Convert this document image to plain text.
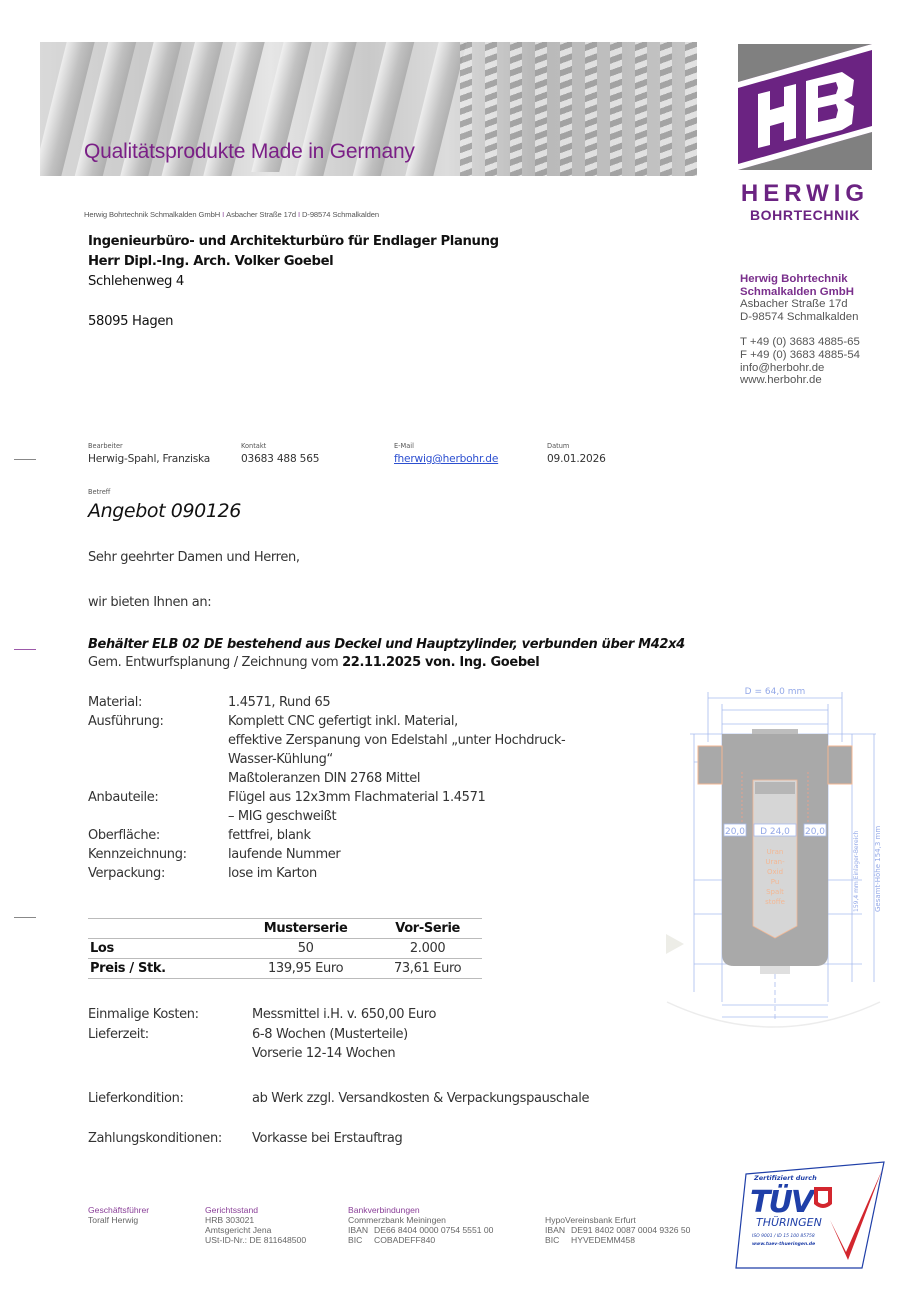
Qualitätsprodukte Made in Germany
HERWIG
BOHRTECHNIK
Herwig Bohrtechnik Schmalkalden GmbH I Asbacher Straße 17d I D-98574 Schmalkalden
Ingenieurbüro- und Architekturbüro für Endlager Planung
Herr Dipl.-Ing. Arch. Volker Goebel
Schlehenweg 4
58095 Hagen
Herwig Bohrtechnik
Schmalkalden GmbH
Asbacher Straße 17d
D-98574 Schmalkalden
T +49 (0) 3683 4885-65
F +49 (0) 3683 4885-54
info@herbohr.de
www.herbohr.de
Bearbeiter
Herwig-Spahl, Franziska
Kontakt
03683 488 565
E-Mail
fherwig@herbohr.de
Datum
09.01.2026
Betreff
Angebot 090126
Sehr geehrter Damen und Herren,
wir bieten Ihnen an:
Behälter ELB 02 DE bestehend aus Deckel und Hauptzylinder, verbunden über M42x4
Gem. Entwurfsplanung / Zeichnung vom 22.11.2025 von. Ing. Goebel
Material:	1.4571, Rund 65
Ausführung:	Komplett CNC gefertigt inkl. Material,
effektive Zerspanung von Edelstahl „unter Hochdruck-
Wasser-Kühlung“
Maßtoleranzen DIN 2768 Mittel
Anbauteile:	Flügel aus 12x3mm Flachmaterial 1.4571
– MIG geschweißt
Oberfläche:	fettfrei, blank
Kennzeichnung:	laufende Nummer
Verpackung:	lose im Karton
	Musterserie	Vor-Serie
Los	50	2.000
Preis / Stk.	139,95 Euro	73,61 Euro
Einmalige Kosten:	Messmittel i.H. v. 650,00 Euro
Lieferzeit:	6-8 Wochen (Musterteile)
Vorserie 12-14 Wochen
Lieferkondition:	ab Werk zzgl. Versandkosten & Verpackungspauschale
Zahlungskonditionen:	Vorkasse bei Erstauftrag
20,0 D 24,0 20,0
D = 64,0 mm
159,4 mm Einlager-Bereich Gesamt-Höhe 154,3 mm
Uran
Uran-
Oxid
Pu
Spalt
stoffe
Geschäftsführer
Toralf Herwig
Gerichtsstand
HRB 303021
Amtsgericht Jena
USt-ID-Nr.: DE 811648500
Bankverbindungen
Commerzbank Meiningen
IBAN DE66 8404 0000 0754 5551 00
BIC COBADEFF840
HypoVereinsbank Erfurt
IBAN DE91 8402 0087 0004 9326 50
BIC HYVEDEMM458
Zertifiziert durch
TÜV
THÜRINGEN
ISO 9001 / ID 15 100 85758
www.tuev-thueringen.de
